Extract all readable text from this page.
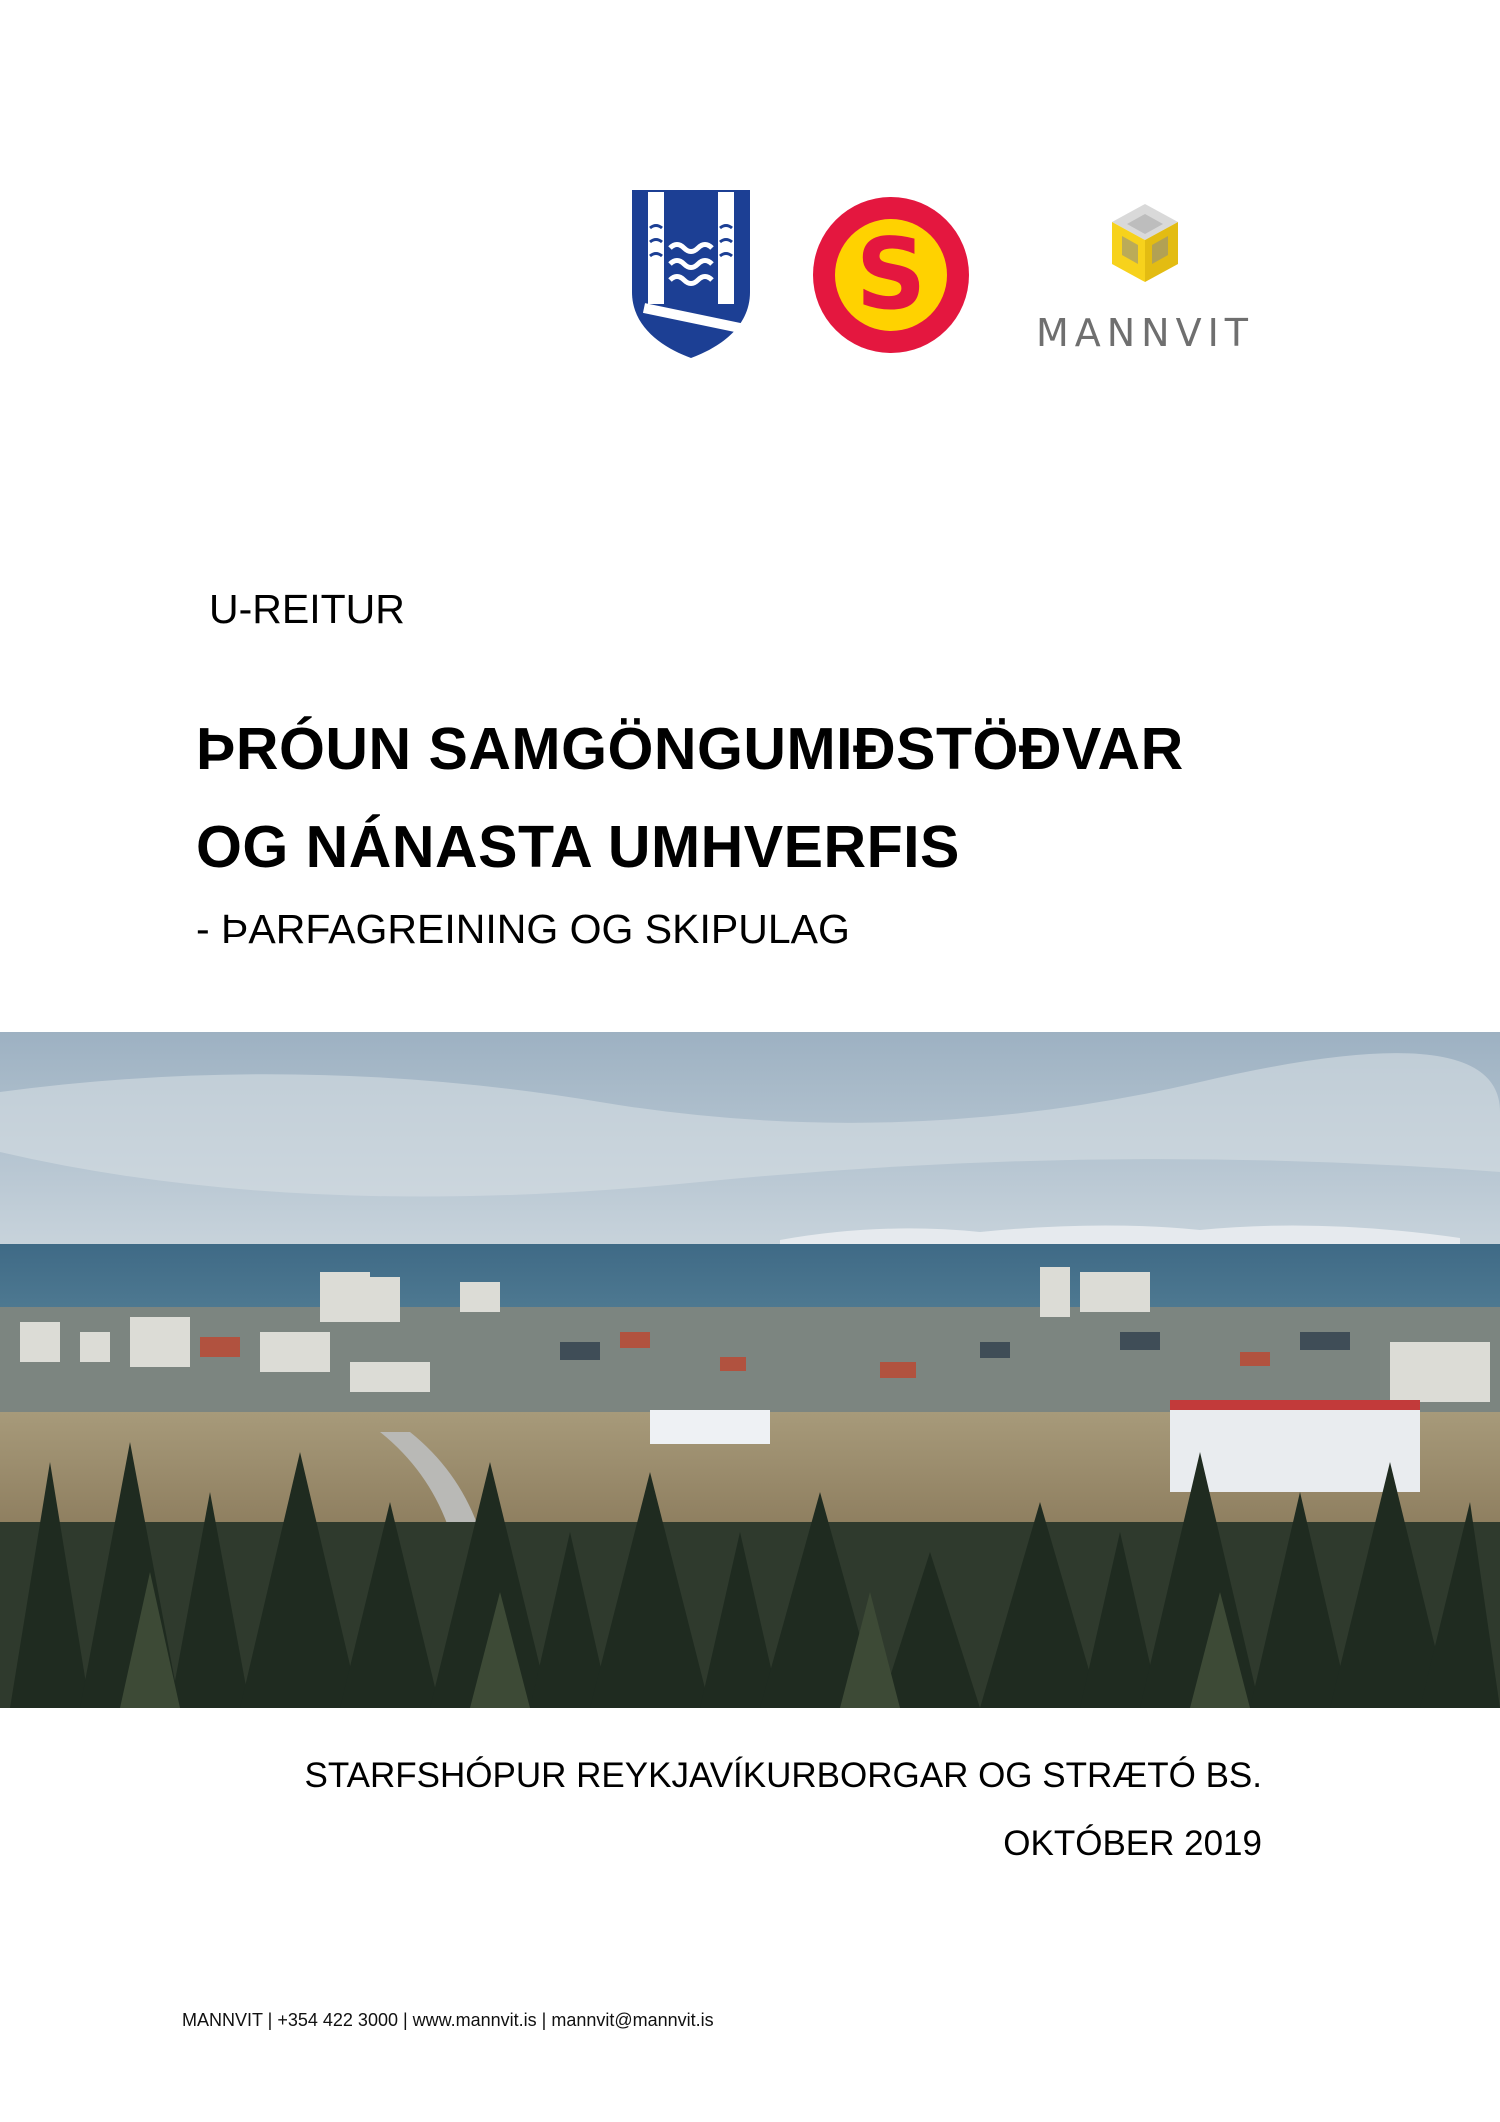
S
MANNVIT
U-REITUR
ÞRÓUN SAMGÖNGUMIÐSTÖÐVAR
OG NÁNASTA UMHVERFIS
- ÞARFAGREINING OG SKIPULAG
STARFSHÓPUR REYKJAVÍKURBORGAR OG STRÆTÓ BS.
OKTÓBER 2019
MANNVIT | +354 422 3000 | www.mannvit.is | mannvit@mannvit.is
